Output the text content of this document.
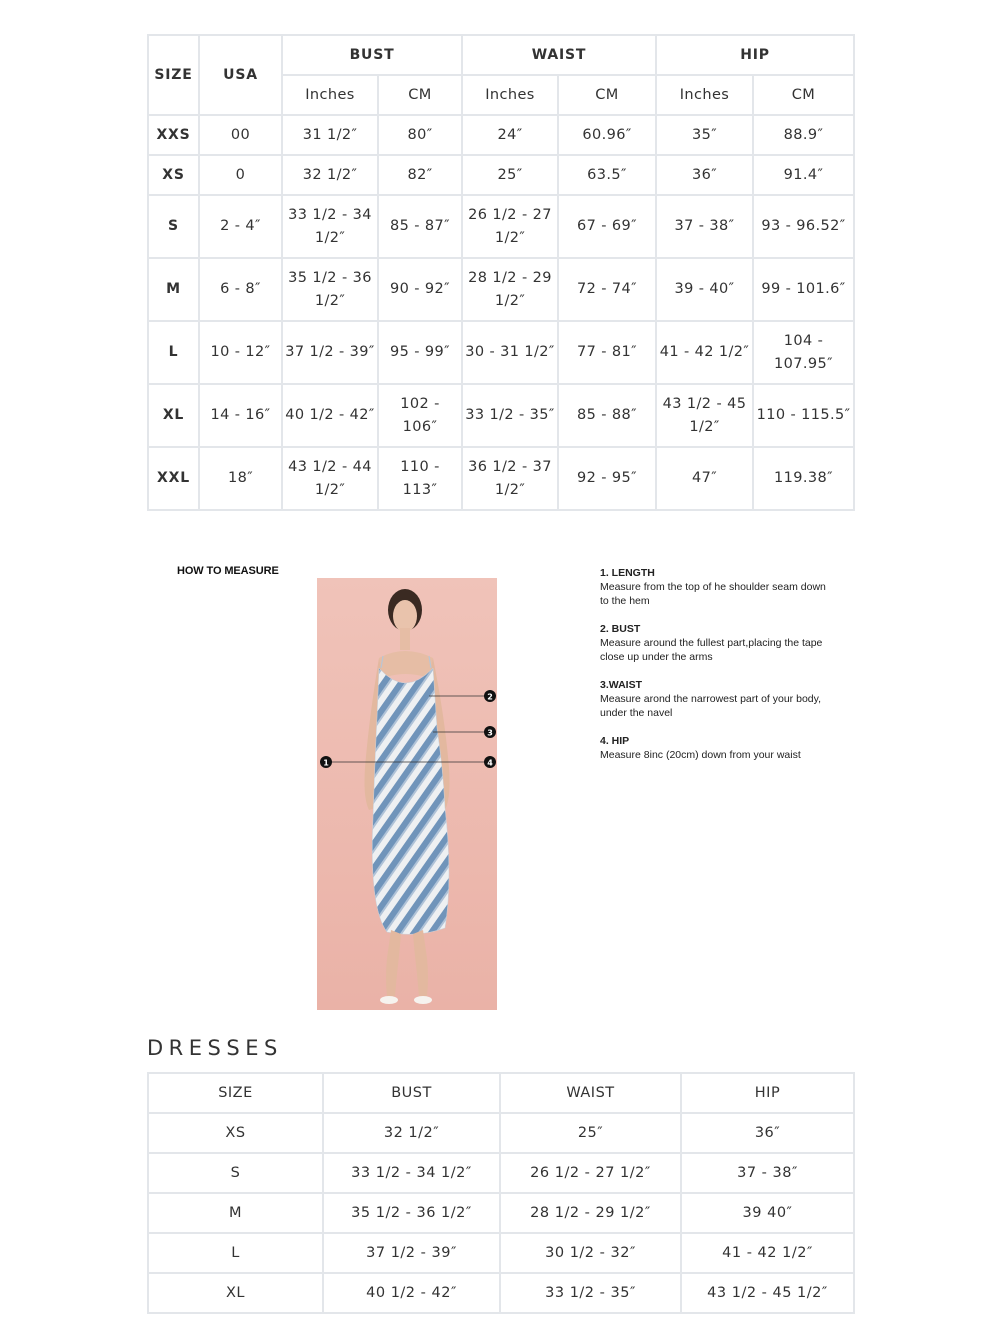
SIZE	USA	BUST		WAIST		HIP	
		Inches	CM	Inches	CM	Inches	CM
XXS	00	31 1/2″	80″	24″	60.96″	35″	88.9″
XS	0	32 1/2″	82″	25″	63.5″	36″	91.4″
S	2 - 4″	33 1/2 - 34 1/2″	85 - 87″	26 1/2 - 27 1/2″	67 - 69″	37 - 38″	93 - 96.52″
M	6 - 8″	35 1/2 - 36 1/2″	90 - 92″	28 1/2 - 29 1/2″	72 - 74″	39 - 40″	99 - 101.6″
L	10 - 12″	37 1/2 - 39″	95 - 99″	30 - 31 1/2″	77 - 81″	41 - 42 1/2″	104 - 107.95″
XL	14 - 16″	40 1/2 - 42″	102 - 106″	33 1/2 - 35″	85 - 88″	43 1/2 - 45 1/2″	110 - 115.5″
XXL	18″	43 1/2 - 44 1/2″	110 - 113″	36 1/2 - 37 1/2″	92 - 95″	47″	119.38″
HOW TO MEASURE
1
2
3
4
1. LENGTH
Measure from the top of he shoulder seam down to the hem
2. BUST
Measure around the fullest part,placing the tape close up under the arms
3.WAIST
Measure arond the narrowest part of your body, under the navel
4. HIP
Measure 8inc (20cm) down from your waist
DRESSES
SIZE	BUST	WAIST	HIP
XS	32 1/2″	25″	36″
S	33 1/2 - 34 1/2″	26 1/2 - 27 1/2″	37 - 38″
M	35 1/2 - 36 1/2″	28 1/2 - 29 1/2″	39 40″
L	37 1/2 - 39″	30 1/2 - 32″	41 - 42 1/2″
XL	40 1/2 - 42″	33 1/2 - 35″	43 1/2 - 45 1/2″
